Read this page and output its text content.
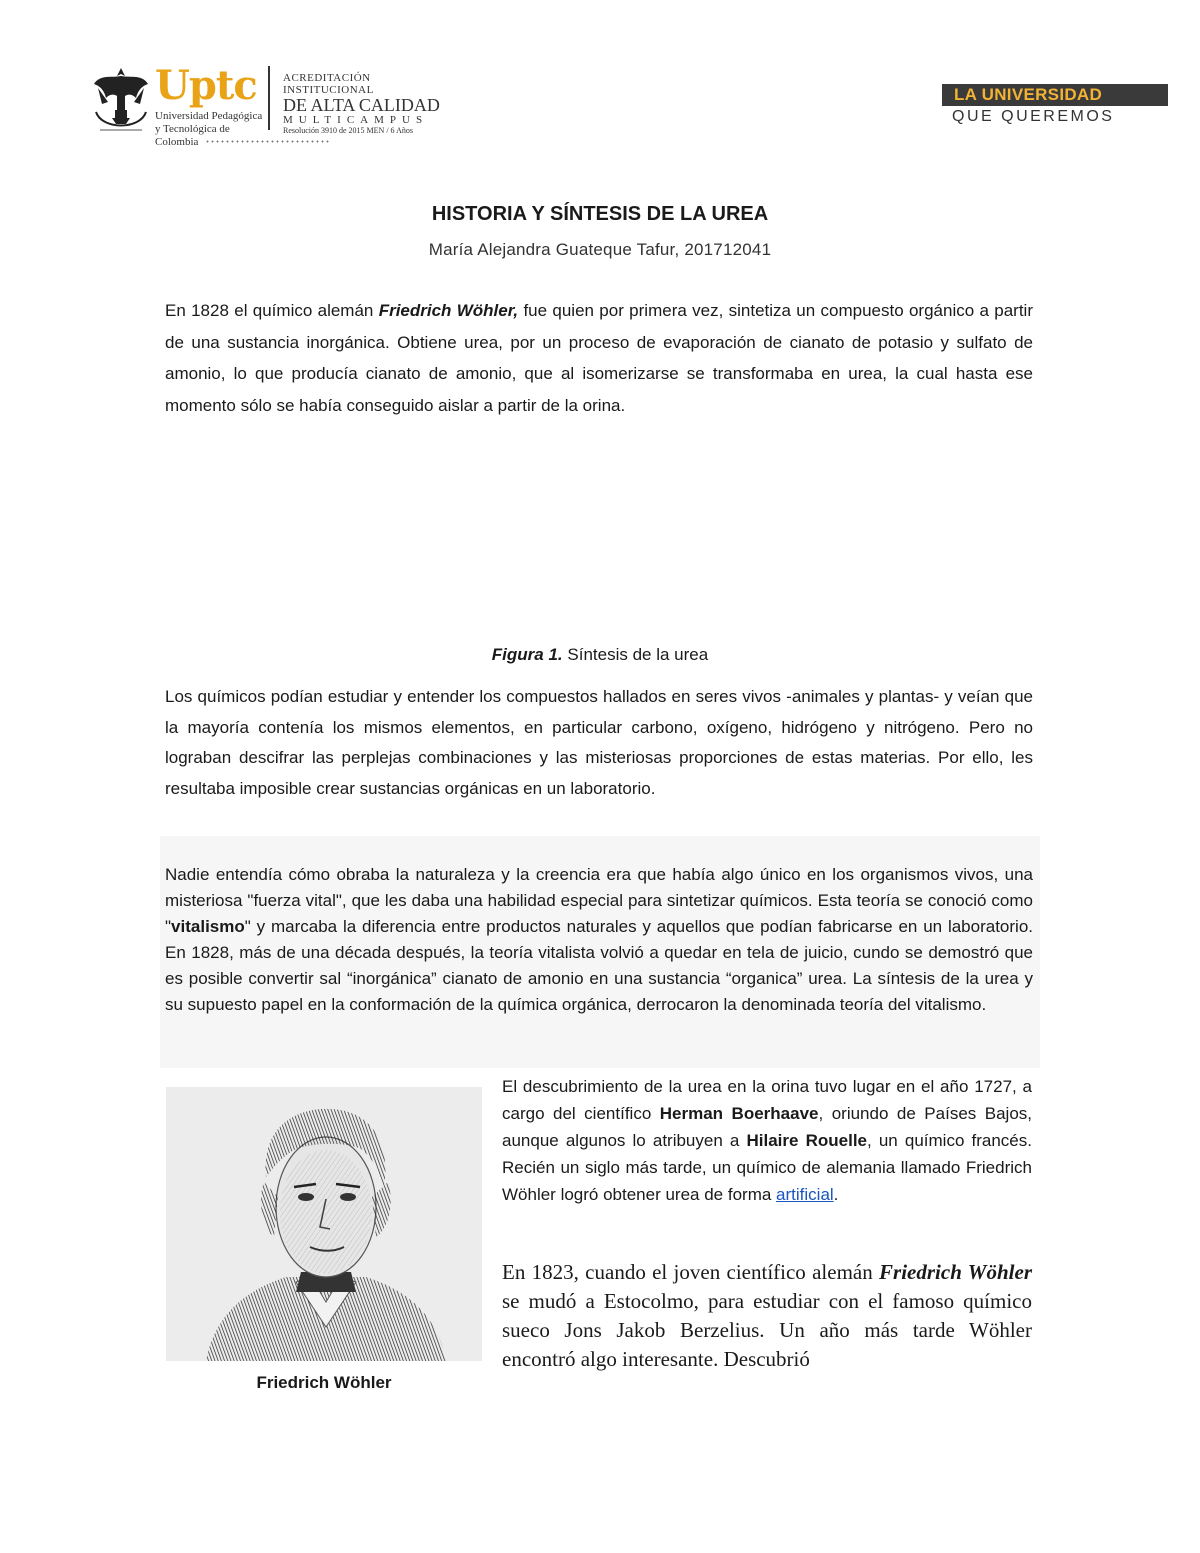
Uptc
Universidad Pedagógica y Tecnológica de Colombia
ACREDITACIÓN INSTITUCIONAL
DE ALTA CALIDAD
MULTICAMPUS
Resolución 3910 de 2015 MEN / 6 Años
LA UNIVERSIDAD
QUE QUEREMOS
HISTORIA Y SÍNTESIS DE LA UREA
María Alejandra Guateque Tafur, 201712041

En 1828 el químico alemán Friedrich Wöhler, fue quien por primera vez, sintetiza un compuesto orgánico a partir de una sustancia inorgánica. Obtiene urea, por un proceso de evaporación de cianato de potasio y sulfato de amonio, lo que producía cianato de amonio, que al isomerizarse se transformaba en urea, la cual hasta ese momento sólo se había conseguido aislar a partir de la orina.

Figura 1. Síntesis de la urea

Los químicos podían estudiar y entender los compuestos hallados en seres vivos -animales y plantas- y veían que la mayoría contenía los mismos elementos, en particular carbono, oxígeno, hidrógeno y nitrógeno. Pero no lograban descifrar las perplejas combinaciones y las misteriosas proporciones de estas materias. Por ello, les resultaba imposible crear sustancias orgánicas en un laboratorio.

Nadie entendía cómo obraba la naturaleza y la creencia era que había algo único en los organismos vivos, una misteriosa "fuerza vital", que les daba una habilidad especial para sintetizar químicos. Esta teoría se conoció como "vitalismo" y marcaba la diferencia entre productos naturales y aquellos que podían fabricarse en un laboratorio. En 1828, más de una década después, la teoría vitalista volvió a quedar en tela de juicio, cundo se demostró que es posible convertir sal “inorgánica” cianato de amonio en una sustancia “organica” urea. La síntesis de la urea y su supuesto papel en la conformación de la química orgánica, derrocaron la denominada teoría del vitalismo.

Friedrich Wöhler

El descubrimiento de la urea en la orina tuvo lugar en el año 1727, a cargo del científico Herman Boerhaave, oriundo de Países Bajos, aunque algunos lo atribuyen a Hilaire Rouelle, un químico francés. Recién un siglo más tarde, un químico de alemania llamado Friedrich Wöhler logró obtener urea de forma artificial.

En 1823, cuando el joven científico alemán Friedrich Wöhler se mudó a Estocolmo, para estudiar con el famoso químico sueco Jons Jakob Berzelius. Un año más tarde Wöhler encontró algo interesante. Descubrió
